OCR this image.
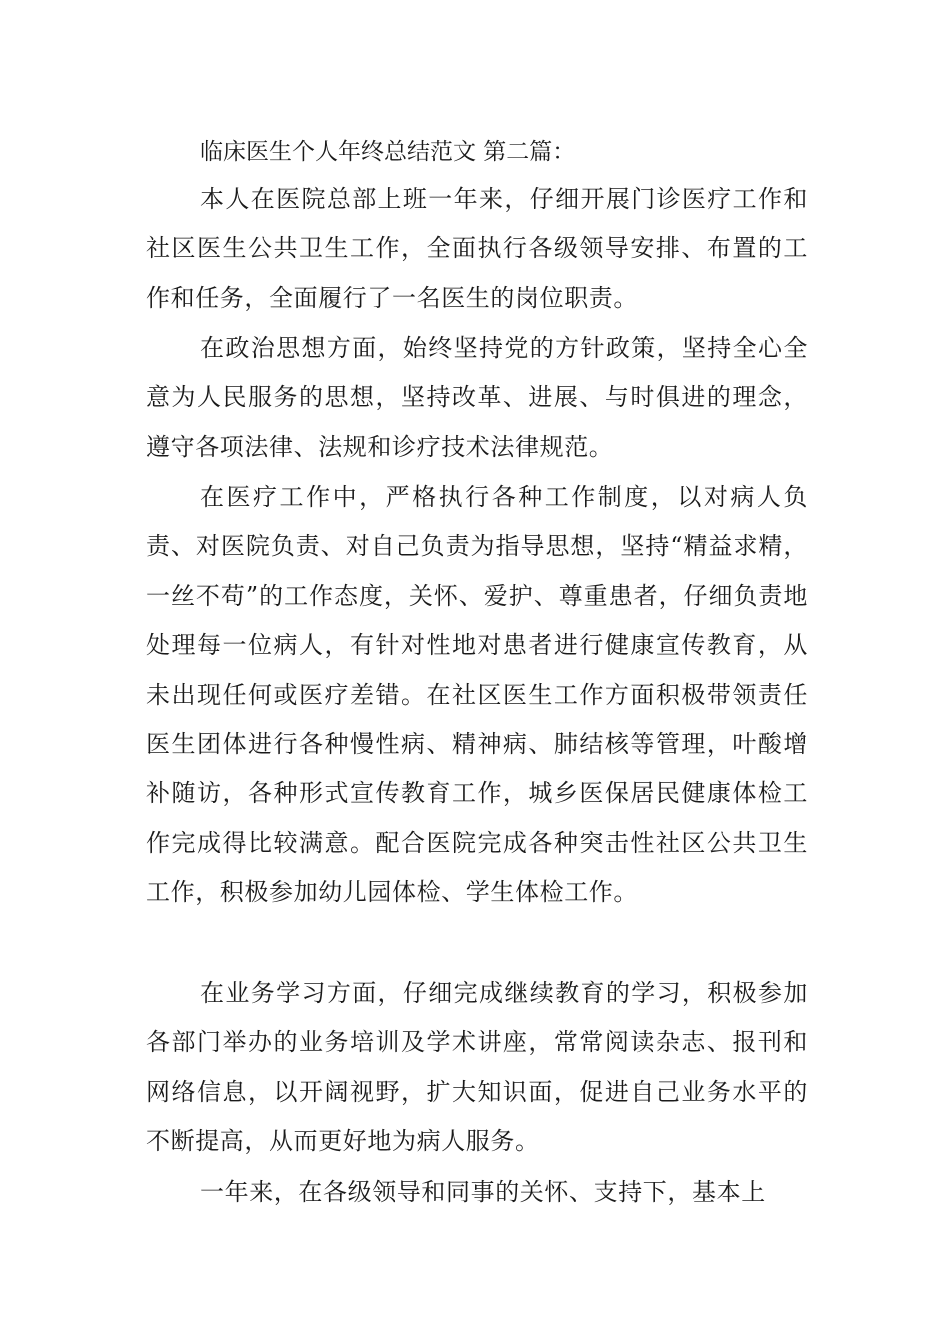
临床医生个人年终总结范文 第二篇：

本人在医院总部上班一年来，仔细开展门诊医疗工作和社区医生公共卫生工作，全面执行各级领导安排、布置的工作和任务，全面履行了一名医生的岗位职责。

在政治思想方面，始终坚持党的方针政策，坚持全心全意为人民服务的思想，坚持改革、进展、与时俱进的理念，遵守各项法律、法规和诊疗技术法律规范。

在医疗工作中，严格执行各种工作制度，以对病人负责、对医院负责、对自己负责为指导思想，坚持“精益求精，一丝不苟”的工作态度，关怀、爱护、尊重患者，仔细负责地处理每一位病人，有针对性地对患者进行健康宣传教育，从未出现任何或医疗差错。在社区医生工作方面积极带领责任医生团体进行各种慢性病、精神病、肺结核等管理，叶酸增补随访，各种形式宣传教育工作，城乡医保居民健康体检工作完成得比较满意。配合医院完成各种突击性社区公共卫生工作，积极参加幼儿园体检、学生体检工作。

在业务学习方面，仔细完成继续教育的学习，积极参加各部门举办的业务培训及学术讲座，常常阅读杂志、报刊和网络信息，以开阔视野，扩大知识面，促进自己业务水平的不断提高，从而更好地为病人服务。

一年来，在各级领导和同事的关怀、支持下，基本上
